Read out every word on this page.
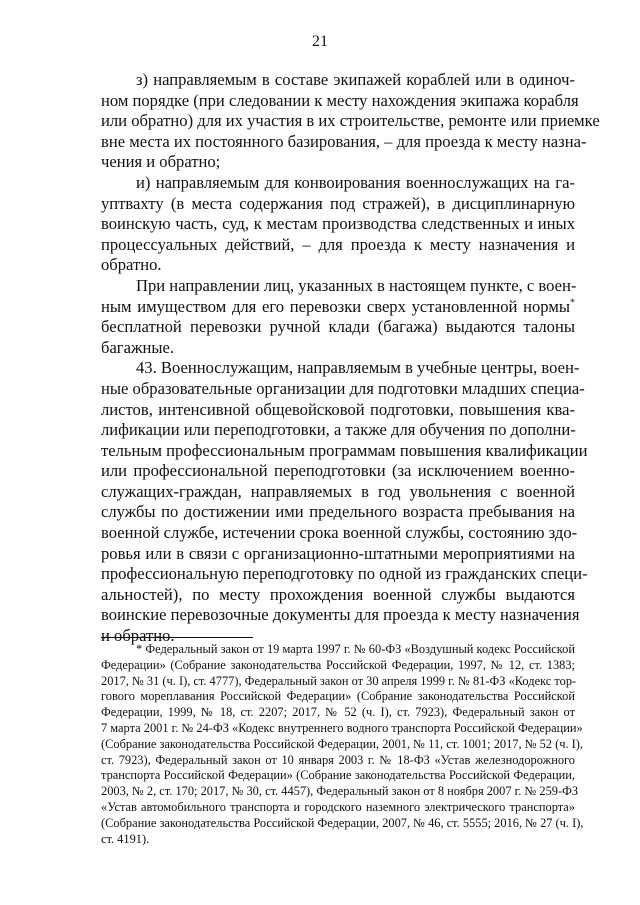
21
з) направляемым в составе экипажей кораблей или в одиноч-
ном порядке (при следовании к месту нахождения экипажа корабля
или обратно) для их участия в их строительстве, ремонте или приемке
вне места их постоянного базирования, – для проезда к месту назна-
чения и обратно;
и) направляемым для конвоирования военнослужащих на га-
уптвахту (в места содержания под стражей), в дисциплинарную
воинскую часть, суд, к местам производства следственных и иных
процессуальных действий, – для проезда к месту назначения и
обратно.
При направлении лиц, указанных в настоящем пункте, с воен-
ным имуществом для его перевозки сверх установленной нормы*
бесплатной перевозки ручной клади (багажа) выдаются талоны
багажные.
43. Военнослужащим, направляемым в учебные центры, воен-
ные образовательные организации для подготовки младших специа-
листов, интенсивной общевойсковой подготовки, повышения ква-
лификации или переподготовки, а также для обучения по дополни-
тельным профессиональным программам повышения квалификации
или профессиональной переподготовки (за исключением военно-
служащих-граждан, направляемых в год увольнения с военной
службы по достижении ими предельного возраста пребывания на
военной службе, истечении срока военной службы, состоянию здо-
ровья или в связи с организационно-штатными мероприятиями на
профессиональную переподготовку по одной из гражданских специ-
альностей), по месту прохождения военной службы выдаются
воинские перевозочные документы для проезда к месту назначения
и обратно.
* Федеральный закон от 19 марта 1997 г. № 60-ФЗ «Воздушный кодекс Российской
Федерации» (Собрание законодательства Российской Федерации, 1997, № 12, ст. 1383;
2017, № 31 (ч. I), ст. 4777), Федеральный закон от 30 апреля 1999 г. № 81-ФЗ «Кодекс тор-
гового мореплавания Российской Федерации» (Собрание законодательства Российской
Федерации, 1999, № 18, ст. 2207; 2017, № 52 (ч. I), ст. 7923), Федеральный закон от
7 марта 2001 г. № 24-ФЗ «Кодекс внутреннего водного транспорта Российской Федерации»
(Собрание законодательства Российской Федерации, 2001, № 11, ст. 1001; 2017, № 52 (ч. I),
ст. 7923), Федеральный закон от 10 января 2003 г. № 18-ФЗ «Устав железнодорожного
транспорта Российской Федерации» (Собрание законодательства Российской Федерации,
2003, № 2, ст. 170; 2017, № 30, ст. 4457), Федеральный закон от 8 ноября 2007 г. № 259-ФЗ
«Устав автомобильного транспорта и городского наземного электрического транспорта»
(Собрание законодательства Российской Федерации, 2007, № 46, ст. 5555; 2016, № 27 (ч. I),
ст. 4191).
